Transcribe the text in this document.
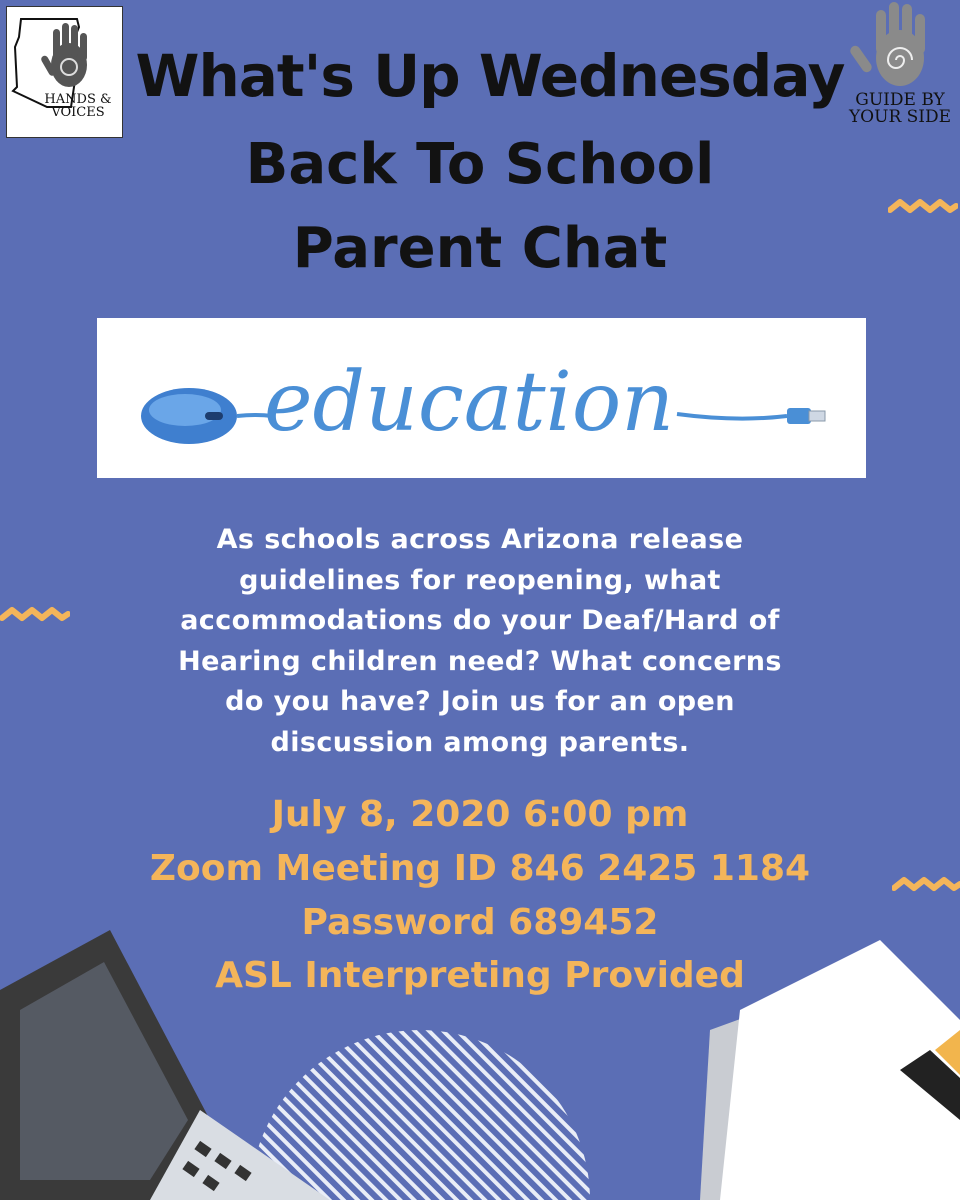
HANDS & VOICES
GUIDE BY YOUR SIDE
What's Up Wednesday
Back To School
Parent Chat
education
As schools across Arizona release
guidelines for reopening, what
accommodations do your Deaf/Hard of
Hearing children need? What concerns
do you have? Join us for an open
discussion among parents.
July 8, 2020 6:00 pm
Zoom Meeting ID 846 2425 1184
Password 689452
ASL Interpreting Provided
